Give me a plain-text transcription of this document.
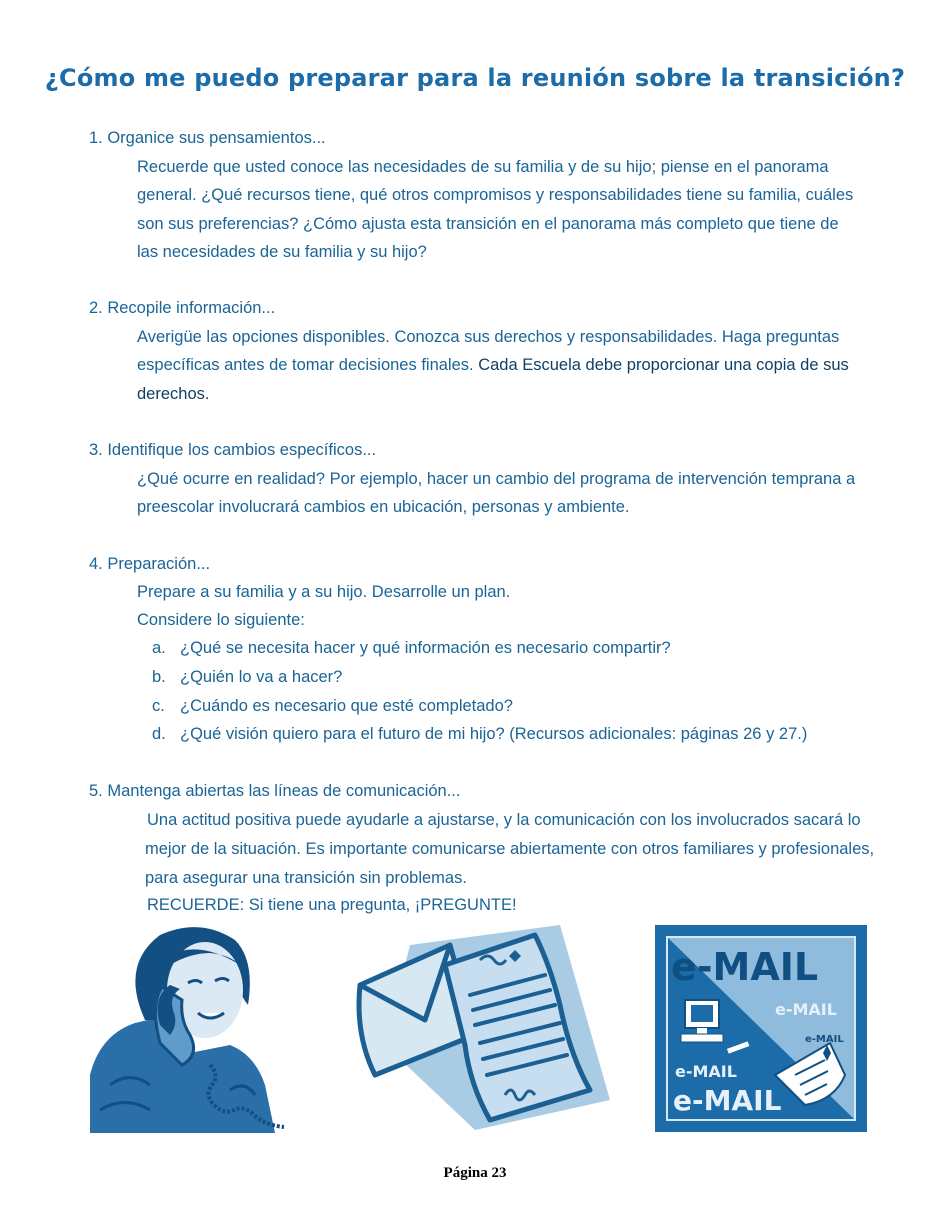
¿Cómo me puedo preparar para la reunión sobre la transición?
1. Organice sus pensamientos...
Recuerde que usted conoce las necesidades de su familia y de su hijo; piense en el panorama general. ¿Qué recursos tiene, qué otros compromisos y responsabilidades tiene su familia, cuáles son sus preferencias? ¿Cómo ajusta esta transición en el panorama más completo que tiene de las necesidades de su familia y su hijo?
2. Recopile información...
Averigüe las opciones disponibles. Conozca sus derechos y responsabilidades. Haga preguntas específicas antes de tomar decisiones finales. Cada Escuela debe proporcionar una copia de sus derechos.
3. Identifique los cambios específicos...
¿Qué ocurre en realidad? Por ejemplo, hacer un cambio del programa de intervención temprana a preescolar involucrará cambios en ubicación, personas y ambiente.
4. Preparación...
Prepare a su familia y a su hijo. Desarrolle un plan.
Considere lo siguiente:
a. ¿Qué se necesita hacer y qué información es necesario compartir?
b. ¿Quién lo va a hacer?
c. ¿Cuándo es necesario que esté completado?
d. ¿Qué visión quiero para el futuro de mi hijo? (Recursos adicionales: páginas 26 y 27.)
5. Mantenga abiertas las líneas de comunicación...
Una actitud positiva puede ayudarle a ajustarse, y la comunicación con los involucrados sacará lo mejor de la situación. Es importante comunicarse abiertamente con otros familiares y profesionales, para asegurar una transición sin problemas.
RECUERDE: Si tiene una pregunta, ¡PREGUNTE!
e-MAIL
e-MAIL
e-MAIL
e-MAIL
e-MAIL
Página 23
